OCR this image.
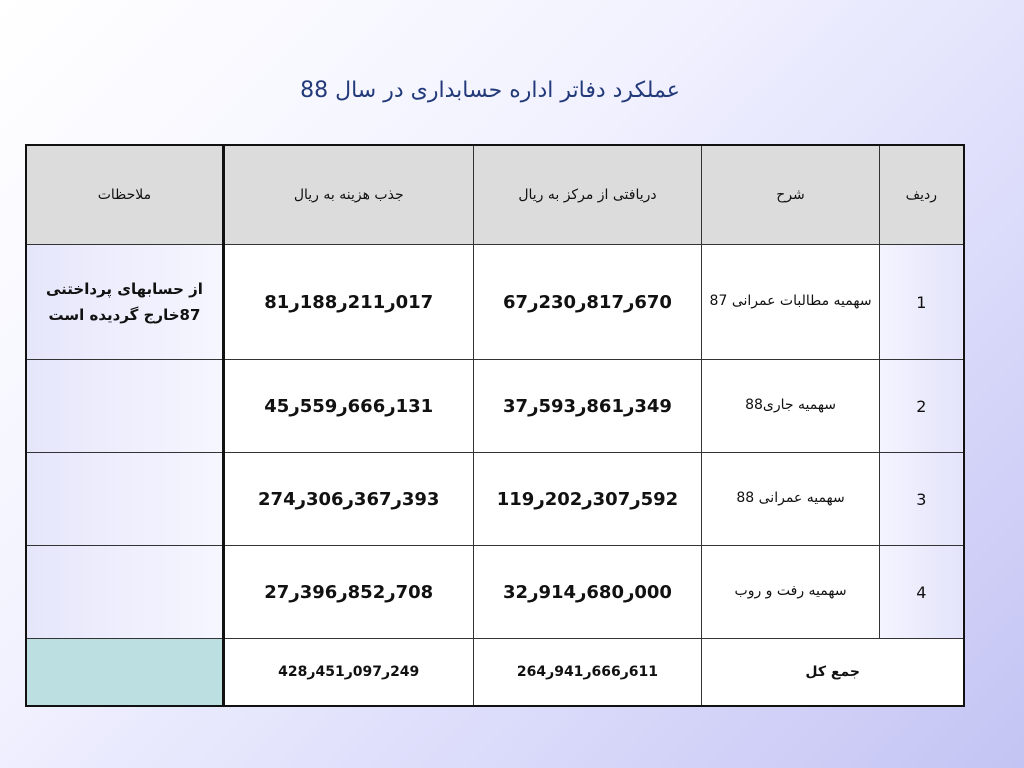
عملکرد دفاتر اداره حسابداری در سال 88
ردیف	شرح	دریافتی از مرکز به ریال	جذب هزینه به ریال	ملاحظات
1	سهمیه مطالبات عمرانی 87	670ر817ر230ر67	017ر211ر188ر81	از حسابهای پرداختنی 87خارج گردیده است
2	سهمیه جاری88	349ر861ر593ر37	131ر666ر559ر45	
3	سهمیه عمرانی 88	592ر307ر202ر119	393ر367ر306ر274	
4	سهمیه رفت و روب	000ر680ر914ر32	708ر852ر396ر27	
جمع کل		611ر666ر941ر264	249ر097ر451ر428	
